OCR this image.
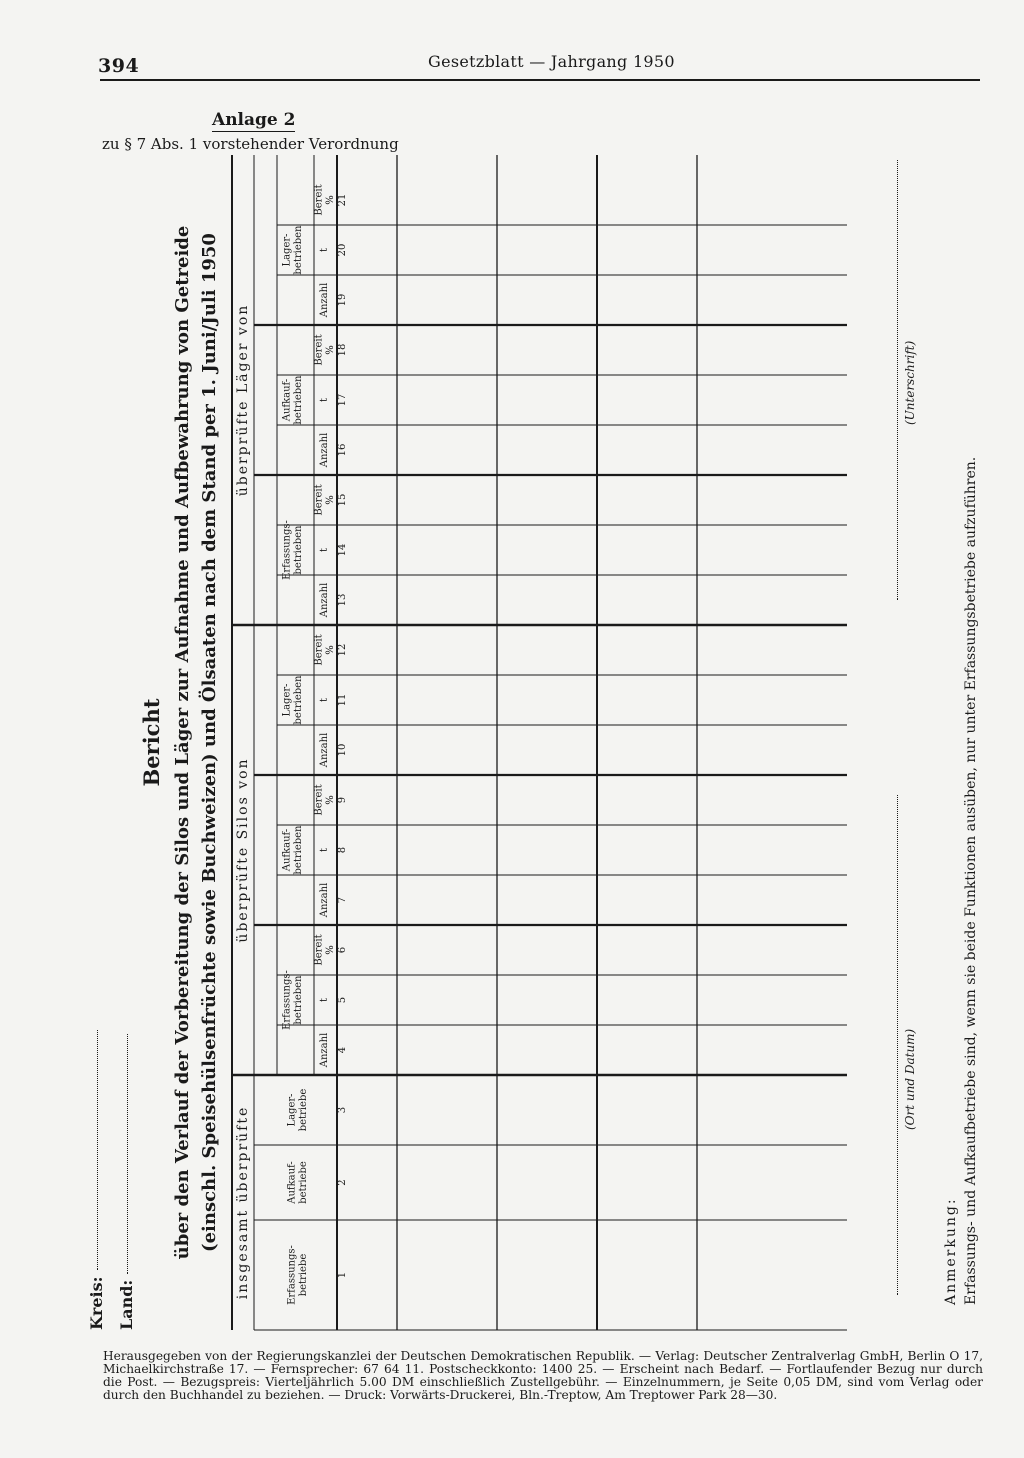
394	Gesetzblatt — Jahrgang 1950
Anlage 2
zu § 7 Abs. 1 vorstehender Verordnung
Kreis: Land:
Bericht über den Verlauf der Vorbereitung der Silos und Läger zur Aufnahme und Aufbewahrung von Getreide (einschl. Speisehülsenfrüchte sowie Buchweizen) und Ölsaaten nach dem Stand per 1. Juni/Juli 1950 insgesamt überprüfte
überprüfte Silos von
überprüfte Läger von
Erfassungs-betriebe
Aufkauf-betriebe
Lager-betriebe
Erfassungs-betrieben
Anzahl
t
Bereit%
Aufkauf-betrieben
Anzahl
t
Bereit%
Lager-betrieben
Anzahl
t
Bereit%
Erfassungs-betrieben
Anzahl
t
Bereit%
Aufkauf-betrieben
Anzahl
t
Bereit%
Lager-betrieben
Anzahl
t
Bereit%
1
2
3
4
5
6
7
8
9
10
11
12
13
14
15
16
17
18
19
20
21
(Ort und Datum)
(Unterschrift)
Anmerkung: Erfassungs- und Aufkaufbetriebe sind, wenn sie beide Funktionen ausüben, nur unter Erfassungsbetriebe aufzuführen.
Herausgegeben von der Regierungskanzlei der Deutschen Demokratischen Republik. — Verlag: Deutscher Zentralverlag GmbH, Berlin O 17, Michaelkirchstraße 17. — Fernsprecher: 67 64 11. Postscheckkonto: 1400 25. — Erscheint nach Bedarf. — Fortlaufender Bezug nur durch die Post. — Bezugspreis: Vierteljährlich 5.00 DM einschließlich Zustellgebühr. — Einzelnummern, je Seite 0,05 DM, sind vom Verlag oder durch den Buchhandel zu beziehen. — Druck: Vorwärts-Druckerei, Bln.-Treptow, Am Treptower Park 28—30.
